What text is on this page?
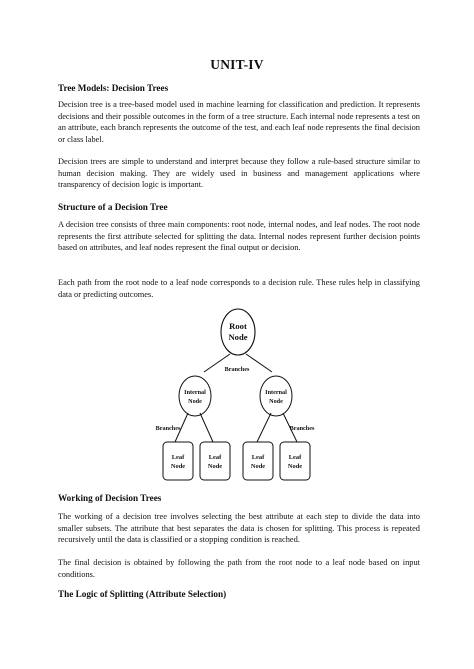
UNIT-IV
Tree Models: Decision Trees

Decision tree is a tree-based model used in machine learning for classification and prediction. It represents decisions and their possible outcomes in the form of a tree structure. Each internal node represents a test on an attribute, each branch represents the outcome of the test, and each leaf node represents the final decision or class label.

Decision trees are simple to understand and interpret because they follow a rule-based structure similar to human decision making. They are widely used in business and management applications where transparency of decision logic is important.

Structure of a Decision Tree

A decision tree consists of three main components: root node, internal nodes, and leaf nodes. The root node represents the first attribute selected for splitting the data. Internal nodes represent further decision points based on attributes, and leaf nodes represent the final output or decision.

Each path from the root node to a leaf node corresponds to a decision rule. These rules help in classifying data or predicting outcomes.

Root
Node
Branches
Internal
Node
Internal
Node
Branches	Branches
Leaf
Node
Leaf
Node
Leaf
Node
Leaf
Node
Working of Decision Trees

The working of a decision tree involves selecting the best attribute at each step to divide the data into smaller subsets. The attribute that best separates the data is chosen for splitting. This process is repeated recursively until the data is classified or a stopping condition is reached.

The final decision is obtained by following the path from the root node to a leaf node based on input conditions.

The Logic of Splitting (Attribute Selection)
